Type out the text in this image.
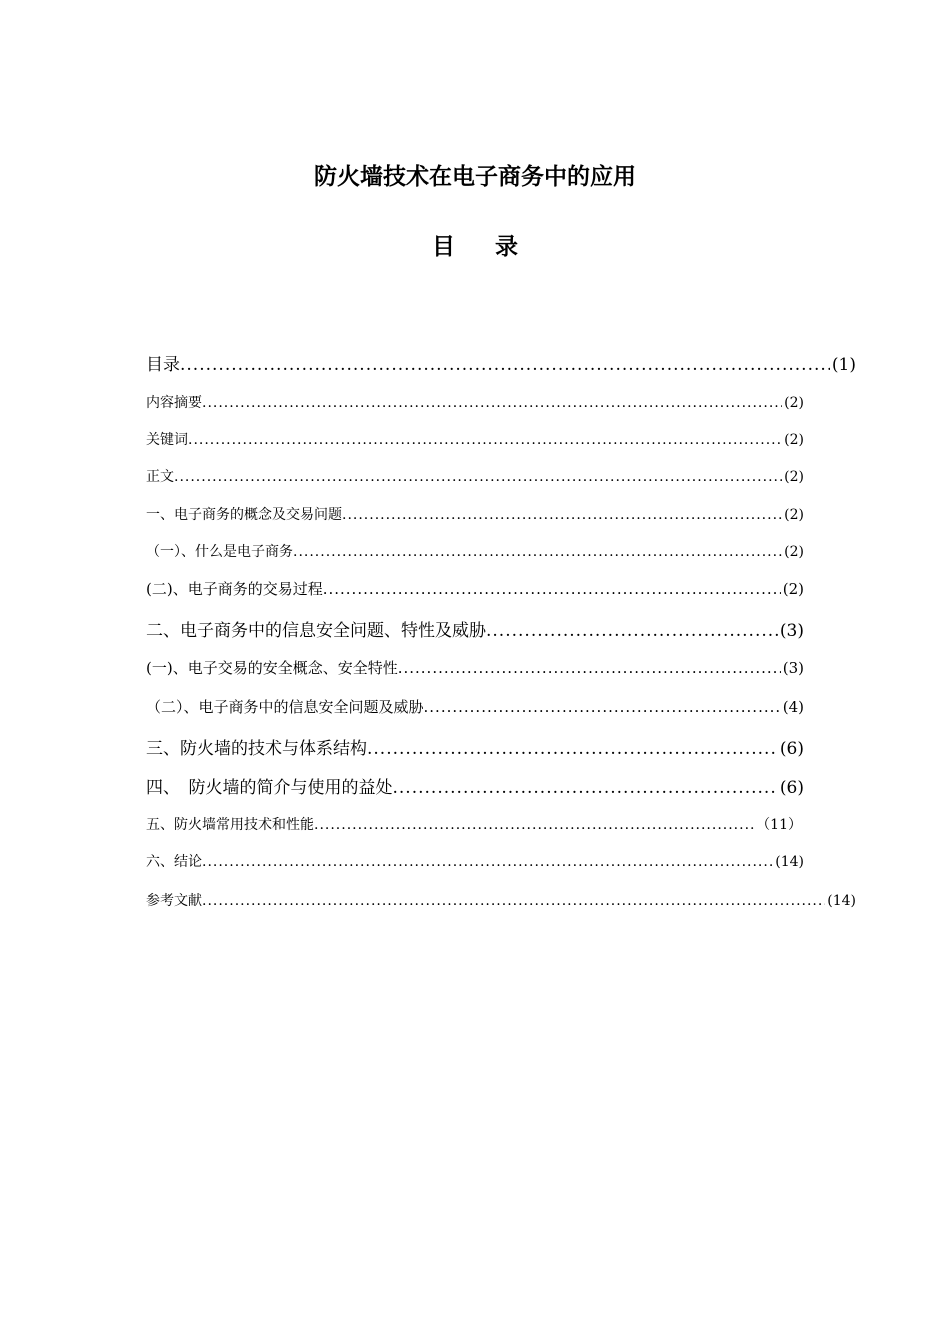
防火墙技术在电子商务中的应用
目录
目录 .....	(1)
内容摘要 .....	(2)
关键词 .....	(2)
正文 .....	(2)
一、电子商务的概念及交易问题 .....	(2)
（一）、什么是电子商务 .....	(2)
(二)、电子商务的交易过程 .....	(2)
二、电子商务中的信息安全问题、特性及威胁 .....	(3)
(一)、电子交易的安全概念、安全特性 .....	(3)
（二）、电子商务中的信息安全问题及威胁 .....	(4)
三、防火墙的技术与体系结构 .....	(6)
四、　防火墙的简介与使用的益处 .....	(6)
五、防火墙常用技术和性能 .....	（11）
六、结论 .....	(14)
参考文献 .....	(14)
